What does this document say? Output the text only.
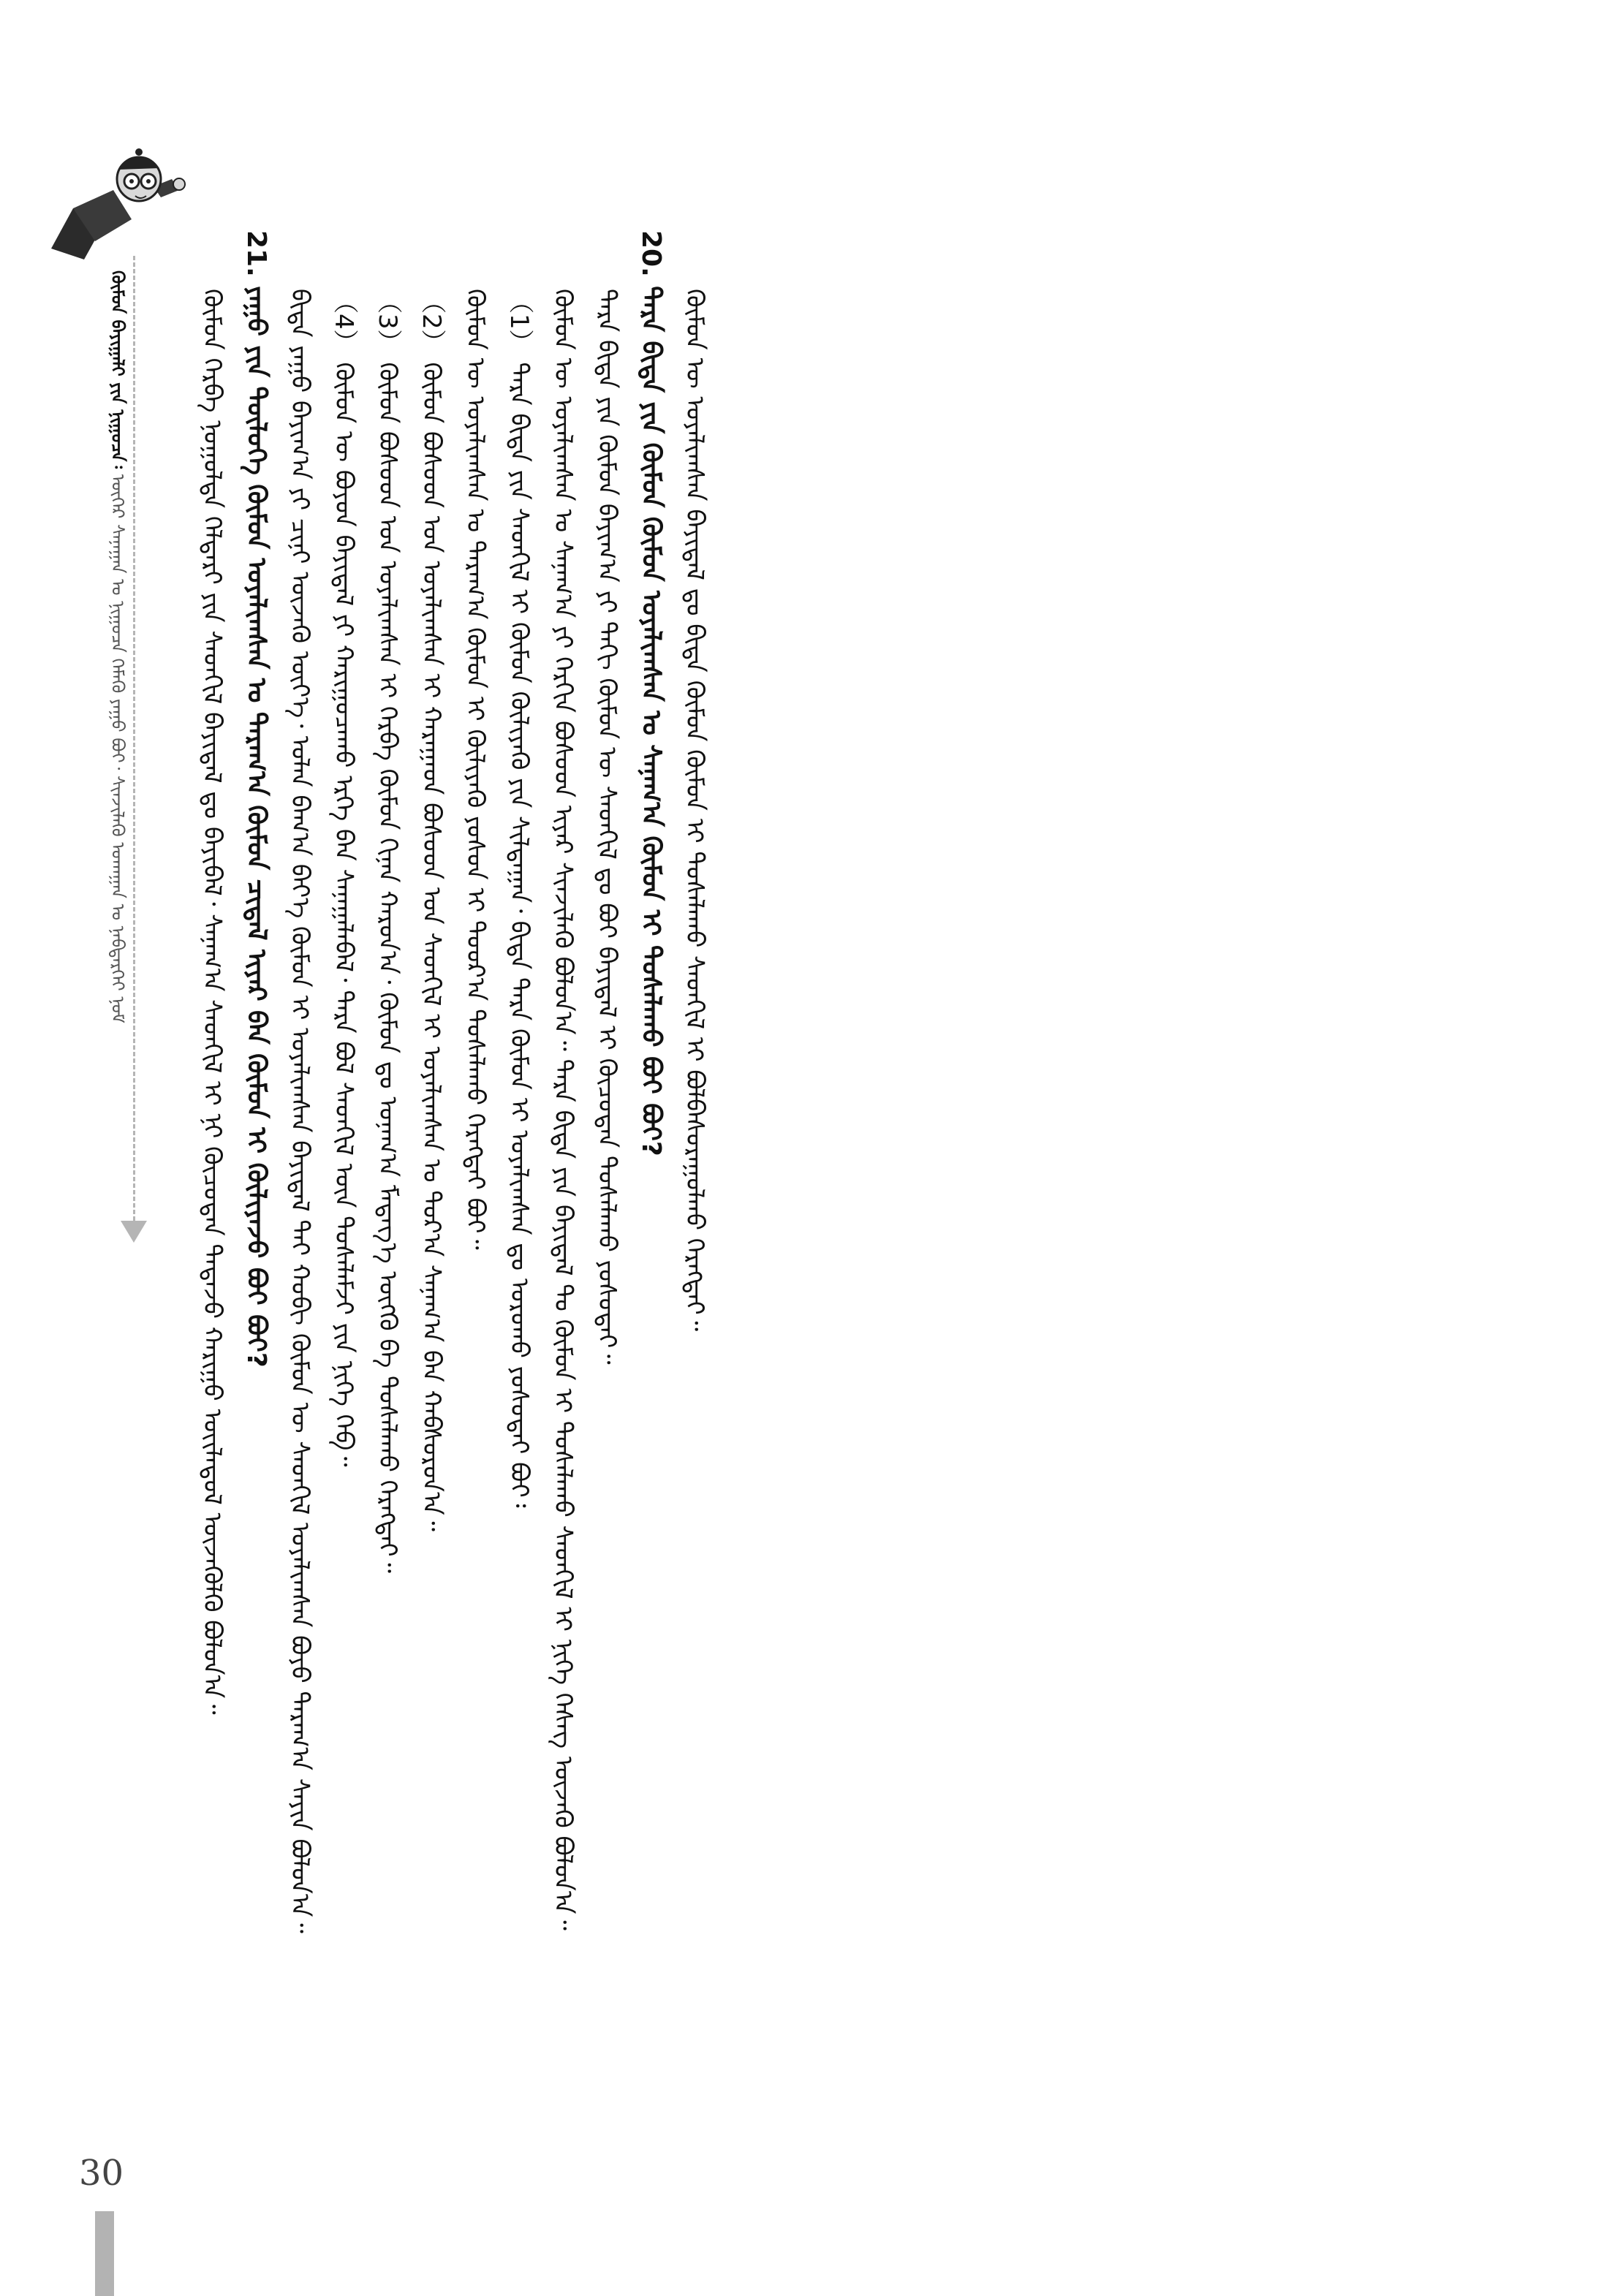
ᠬᠦᠮᠦᠨ ᠪᠠᠶᠢᠭᠠᠯᠢ ᠶᠢᠨ ᠨᠢᠭᠤᠴᠠ᠄ ᠦᠬᠡᠷ ᠰᠠᠨᠠᠭᠠᠨ ᠤ ᠨᠢᠭᠤᠴᠠ ᠬᠡᠮᠡᠬᠦ ᠶᠠᠭᠤ ᠪᠤᠢ᠂ ᠰᠢᠨᠵᠢᠯᠡᠬᠦ ᠤᠬᠠᠭᠠᠨ ᠤ ᠨᠡᠪᠲᠡᠷᠬᠡᠢ ᠨᠤᠮ	ᠬᠦᠮᠦᠨ ᠬᠡᠷᠪᠡ ᠨᠤᠭᠤᠯᠲᠠ ᠬᠡᠯᠳᠡᠷᠢ ᠶᠢᠨ ᠰᠡᠳᠬᠢᠯ ᠪᠠᠶᠢᠳᠠᠯ ᠳᠤ ᠪᠠᠶᠢᠪᠠᠯ᠂ ᠰᠠᠨᠠᠭ᠎ᠠ ᠰᠡᠳᠬᠢᠯ ᠢ ᠨᠢ ᠬᠦᠴᠦᠳᠡᠨ ᠲᠠᠲᠠᠵᠤ ᠬᠠᠷᠢᠭᠤ ᠦᠢᠯᠡᠳᠦᠯ ᠦᠵᠡᠭᠦᠯᠬᠦ ᠪᠣᠯᠤᠨ᠎ᠠ᠃ 21. ᠶᠠᠭᠤ ᠶᠢᠨ ᠲᠥᠯᠦᠭᠡ ᠬᠦᠮᠦᠨ ᠤᠶᠠᠯᠢᠭᠰᠠᠨ ᠤ ᠳᠠᠷᠠᠭ᠎ᠠ ᠬᠦᠮᠦᠨ ᠴᠢᠳᠠᠯ ᠢᠶᠠᠷ ᠪᠠᠨ ᠬᠦᠮᠦᠨ ᠢ ᠬᠦᠯᠢᠶᠡᠵᠦ ᠪᠤᠢ ᠪᠤᠢ? ᠪᠢᠳᠡ ᠶᠠᠭᠤ ᠪᠠᠶᠢᠭ᠎ᠠ ᠶᠢ ᠴᠢᠨᠢ ᠦᠵᠡᠬᠦ ᠦᠶ᠎ᠡ᠂ ᠣᠯᠠᠨ ᠪᠠᠭ᠎ᠠ ᠪᠡᠶ᠎ᠡ ᠬᠦᠮᠦᠨ ᠢ ᠤᠶᠠᠯᠢᠭᠰᠠᠨ ᠪᠠᠶᠢᠳᠠᠯ ᠲᠠᠢ ᠬᠤᠪᠢ ᠬᠦᠮᠦᠨ ᠦ ᠰᠡᠳᠬᠢᠯ ᠤᠶᠠᠯᠢᠭᠰᠠᠨ ᠪᠤᠶᠤ ᠳᠠᠷᠠᠭ᠎ᠠ ᠰᠠᠶᠢᠨ ᠪᠣᠯᠤᠨ᠎ᠠ᠃ （4） ᠬᠦᠮᠦᠨ ᠦ ᠪᠤᠶᠤᠨ ᠪᠠᠶᠢᠳᠠᠯ ᠶᠢ ᠬᠠᠷᠢᠭᠤᠴᠠᠬᠤ ᠡᠷᠬᠡ ᠪᠠᠨ ᠰᠠᠨᠠᠭᠠᠯᠠᠪᠠᠯ᠂ ᠲᠡᠷᠡ ᠪᠤᠯ ᠰᠡᠳᠬᠢᠯ ᠦᠨ ᠲᠤᠰᠠᠯᠠᠮᠵᠢ ᠶᠢᠨ ᠨᠢᠭᠡ ᠬᠡᠪ᠃ （3） ᠬᠦᠮᠦᠨ ᠪᠤᠰᠤᠳ ᠤᠨ ᠤᠶᠠᠯᠢᠭᠰᠠᠨ ᠢ ᠬᠡᠷᠪᠡ ᠬᠦᠮᠦᠨ ᠬᠢᠨᠠᠨ ᠬᠠᠷᠤᠨ᠎ᠠ᠂ ᠬᠦᠮᠦᠨ ᠳᠤ ᠤᠨᠠᠭ᠎ᠠ ᠮᠡᠳᠡᠭ᠎ᠡ ᠦᠭᠬᠦ ᠪᠠ ᠲᠤᠰᠠᠯᠠᠬᠤ ᠬᠡᠷᠡᠭᠲᠡᠶ᠃ （2） ᠬᠦᠮᠦᠨ ᠪᠤᠰᠤᠳ ᠤᠨ ᠤᠶᠠᠯᠢᠭᠰᠠᠨ ᠢ ᠬᠠᠷᠠᠭᠠᠳ ᠪᠤᠰᠤᠳ ᠤᠨ ᠰᠡᠳᠬᠢᠯ ᠢ ᠤᠶᠠᠯᠢᠭᠰᠠᠨ ᠤ ᠳᠤᠷ᠎ᠠ ᠰᠠᠨᠠᠭ᠎ᠠ ᠪᠠᠨ ᠬᠠᠪᠰᠤᠷᠤᠨ᠎ᠠ᠃ ᠬᠦᠮᠦᠨ ᠦ ᠤᠶᠠᠯᠢᠭᠰᠠᠨ ᠤ ᠳᠠᠷᠠᠭ᠎ᠠ ᠬᠦᠮᠦᠨ ᠢ ᠬᠦᠯᠢᠶᠡᠬᠦ ᠶᠤᠰᠤᠨ ᠢ ᠳᠣᠤᠷ᠎ᠠ ᠲᠤᠰᠠᠯᠠᠬᠤ ᠬᠡᠷᠡᠭᠲᠡᠶ ᠪᠤᠢ᠃ （1） ᠲᠡᠷᠡ ᠪᠢᠳᠡ ᠶᠢᠨ ᠰᠡᠳᠬᠢᠯ ᠢ ᠬᠦᠮᠦᠨ ᠬᠦᠯᠢᠶᠡᠬᠦ ᠶᠢᠨ ᠰᠢᠯᠲᠠᠭᠠᠨ᠂ ᠪᠢᠳᠡ ᠲᠡᠷᠡ ᠬᠦᠮᠦᠨ ᠢ ᠤᠶᠠᠯᠢᠭᠰᠠᠨ ᠳᠤ ᠣᠷᠤᠬᠤ ᠶᠤᠰᠤᠲᠠᠢ ᠪᠤᠢ᠄ ᠬᠦᠮᠦᠨ ᠦ ᠤᠶᠠᠯᠢᠭᠰᠠᠨ ᠤ ᠰᠠᠨᠠᠭ᠎ᠠ ᠶᠢ ᠬᠡᠷᠬᠢᠨ ᠪᠤᠰᠤᠳ ᠢᠶᠠᠷ ᠰᠢᠨᠵᠢᠯᠡᠬᠦ ᠪᠣᠯᠤᠨ᠎ᠠ᠃ ᠲᠡᠷᠡ ᠪᠢᠳᠡ ᠶᠢᠨ ᠪᠠᠶᠢᠳᠠᠯ ᠲᠤ ᠬᠦᠮᠦᠨ ᠢ ᠲᠤᠰᠠᠯᠠᠬᠤ ᠰᠡᠳᠬᠢᠯ ᠢ ᠨᠢᠭᠡ ᠬᠡᠰᠡᠭ ᠦᠵᠡᠬᠦ ᠪᠣᠯᠤᠨ᠎ᠠ᠃ ᠲᠡᠷᠡ ᠪᠢᠳᠡ ᠶᠢᠨ ᠬᠦᠮᠦᠨ ᠪᠠᠶᠢᠭ᠎ᠠ ᠶᠢ ᠲᠡᠬᠢ ᠬᠦᠮᠦᠨ ᠦ ᠰᠡᠳᠬᠢᠯ ᠳᠤ ᠪᠤᠢ ᠪᠠᠶᠢᠳᠠᠯ ᠢ ᠬᠦᠴᠦᠳᠡᠨ ᠲᠤᠰᠠᠯᠠᠬᠤ ᠶᠤᠰᠤᠲᠠᠢ᠃ 20. ᠲᠡᠷᠡ ᠪᠢᠳᠡ ᠶᠢᠨ ᠬᠦᠮᠦᠨ ᠬᠦᠮᠦᠨ ᠤᠶᠠᠯᠢᠭᠰᠠᠨ ᠤ ᠰᠠᠨᠠᠭ᠎ᠠ ᠬᠦᠮᠦᠨ ᠢ ᠲᠤᠰᠠᠯᠠᠬᠤ ᠪᠤᠢ ᠪᠤᠢ? ᠬᠦᠮᠦᠨ ᠦ ᠤᠶᠠᠯᠢᠭᠰᠠᠨ ᠪᠠᠶᠢᠳᠠᠯ ᠳᠤ ᠪᠢᠳᠡ ᠬᠦᠮᠦᠨ ᠬᠦᠮᠦᠨ ᠢ ᠲᠤᠰᠠᠯᠠᠬᠤ ᠰᠡᠳᠬᠢᠯ ᠢ ᠪᠤᠯᠪᠠᠰᠤᠷᠠᠭᠤᠯᠬᠤ ᠬᠡᠷᠡᠭᠲᠡᠶ᠃

30
